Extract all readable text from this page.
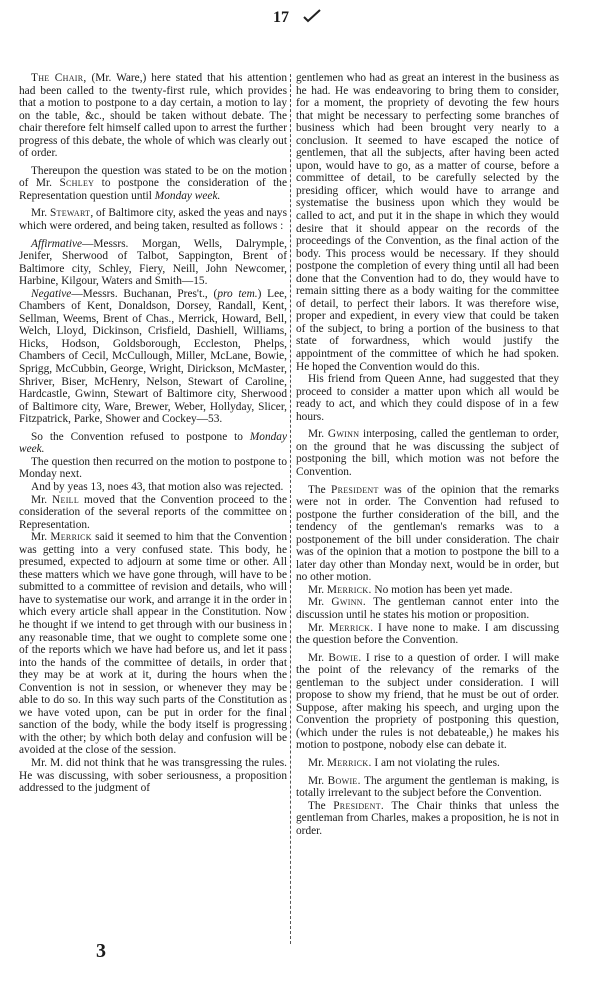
17

The Chair, (Mr. Ware,) here stated that his attention had been called to the twenty-first rule, which provides that a motion to postpone to a day certain, a motion to lay on the table, &c., should be taken without debate. The chair therefore felt himself called upon to arrest the further progress of this debate, the whole of which was clearly out of order.

Thereupon the question was stated to be on the motion of Mr. Schley to postpone the consideration of the Representation question until Monday week.

Mr. Stewart, of Baltimore city, asked the yeas and nays which were ordered, and being taken, resulted as follows :

Affirmative—Messrs. Morgan, Wells, Dalrymple, Jenifer, Sherwood of Talbot, Sappington, Brent of Baltimore city, Schley, Fiery, Neill, John Newcomer, Harbine, Kilgour, Waters and Smith—15.

Negative—Messrs. Buchanan, Pres't., (pro tem.) Lee, Chambers of Kent, Donaldson, Dorsey, Randall, Kent, Sellman, Weems, Brent of Chas., Merrick, Howard, Bell, Welch, Lloyd, Dickinson, Crisfield, Dashiell, Williams, Hicks, Hodson, Goldsborough, Eccleston, Phelps, Chambers of Cecil, McCullough, Miller, McLane, Bowie, Sprigg, McCubbin, George, Wright, Dirickson, McMaster, Shriver, Biser, McHenry, Nelson, Stewart of Caroline, Hardcastle, Gwinn, Stewart of Baltimore city, Sherwood of Baltimore city, Ware, Brewer, Weber, Hollyday, Slicer, Fitzpatrick, Parke, Shower and Cockey—53.

So the Convention refused to postpone to Monday week.

The question then recurred on the motion to postpone to Monday next.

And by yeas 13, noes 43, that motion also was rejected.

Mr. Neill moved that the Convention proceed to the consideration of the several reports of the committee on Representation.

Mr. Merrick said it seemed to him that the Convention was getting into a very confused state. This body, he presumed, expected to adjourn at some time or other. All these matters which we have gone through, will have to be submitted to a committee of revision and details, who will have to systematise our work, and arrange it in the order in which every article shall appear in the Constitution. Now he thought if we intend to get through with our business in any reasonable time, that we ought to complete some one of the reports which we have had before us, and let it pass into the hands of the committee of details, in order that they may be at work at it, during the hours when the Convention is not in session, or whenever they may be able to do so. In this way such parts of the Constitution as we have voted upon, can be put in order for the final sanction of the body, while the body itself is progressing with the other; by which both delay and confusion will be avoided at the close of the session.

Mr. M. did not think that he was transgressing the rules. He was discussing, with sober seriousness, a proposition addressed to the judgment of

gentlemen who had as great an interest in the business as he had. He was endeavoring to bring them to consider, for a moment, the propriety of devoting the few hours that might be necessary to perfecting some branches of business which had been brought very nearly to a conclusion. It seemed to have escaped the notice of gentlemen, that all the subjects, after having been acted upon, would have to go, as a matter of course, before a committee of detail, to be carefully selected by the presiding officer, which would have to arrange and systematise the business upon which they would be called to act, and put it in the shape in which they would desire that it should appear on the records of the proceedings of the Convention, as the final action of the body. This process would be necessary. If they should postpone the completion of every thing until all had been done that the Convention had to do, they would have to remain sitting there as a body waiting for the committee of detail, to perfect their labors. It was therefore wise, proper and expedient, in every view that could be taken of the subject, to bring a portion of the business to that state of forwardness, which would justify the appointment of the committee of which he had spoken. He hoped the Convention would do this.

His friend from Queen Anne, had suggested that they proceed to consider a matter upon which all would be ready to act, and which they could dispose of in a few hours.

Mr. Gwinn interposing, called the gentleman to order, on the ground that he was discussing the subject of postponing the bill, which motion was not before the Convention.

The President was of the opinion that the remarks were not in order. The Convention had refused to postpone the further consideration of the bill, and the tendency of the gentleman's remarks was to a postponement of the bill under consideration. The chair was of the opinion that a motion to postpone the bill to a later day other than Monday next, would be in order, but no other motion.

Mr. Merrick. No motion has been yet made.

Mr. Gwinn. The gentleman cannot enter into the discussion until he states his motion or proposition.

Mr. Merrick. I have none to make. I am discussing the question before the Convention.

Mr. Bowie. I rise to a question of order. I will make the point of the relevancy of the remarks of the gentleman to the subject under consideration. I will propose to show my friend, that he must be out of order. Suppose, after making his speech, and urging upon the Convention the propriety of postponing this question, (which under the rules is not debateable,) he makes his motion to postpone, nobody else can debate it.

Mr. Merrick. I am not violating the rules.

Mr. Bowie. The argument the gentleman is making, is totally irrelevant to the subject before the Convention.

The President. The Chair thinks that unless the gentleman from Charles, makes a proposition, he is not in order.

3
